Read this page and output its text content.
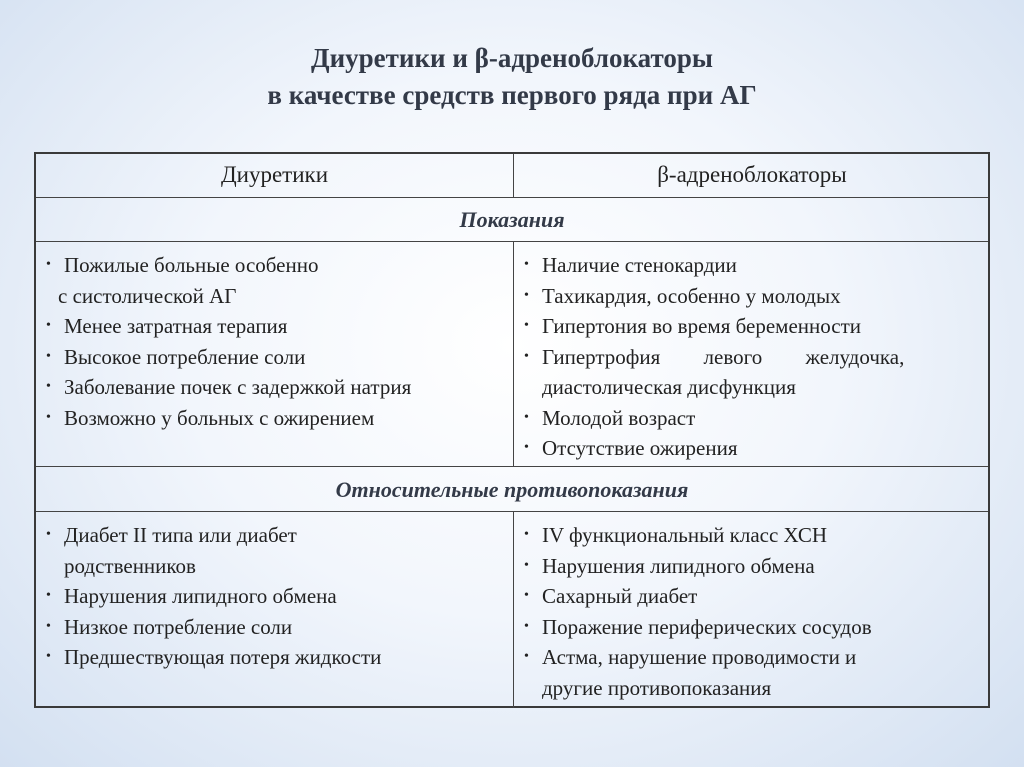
Диуретики и β-адреноблокаторы
в качестве средств первого ряда при АГ
Диуретики	β-адреноблокаторы
Показания
• Пожилые больные особенно
с систолической АГ
• Менее затратная терапия
• Высокое потребление соли
• Заболевание почек с задержкой натрия
• Возможно у больных с ожирением
• Наличие стенокардии
• Тахикардия, особенно у молодых
• Гипертония во время беременности
• Гипертрофия левого желудочка,
диастолическая дисфункция
• Молодой возраст
• Отсутствие ожирения
Относительные противопоказания
• Диабет II типа или диабет
родственников
• Нарушения липидного обмена
• Низкое потребление соли
• Предшествующая потеря жидкости
• IV функциональный класс ХСН
• Нарушения липидного обмена
• Сахарный диабет
• Поражение периферических сосудов
• Астма, нарушение проводимости и
другие противопоказания
